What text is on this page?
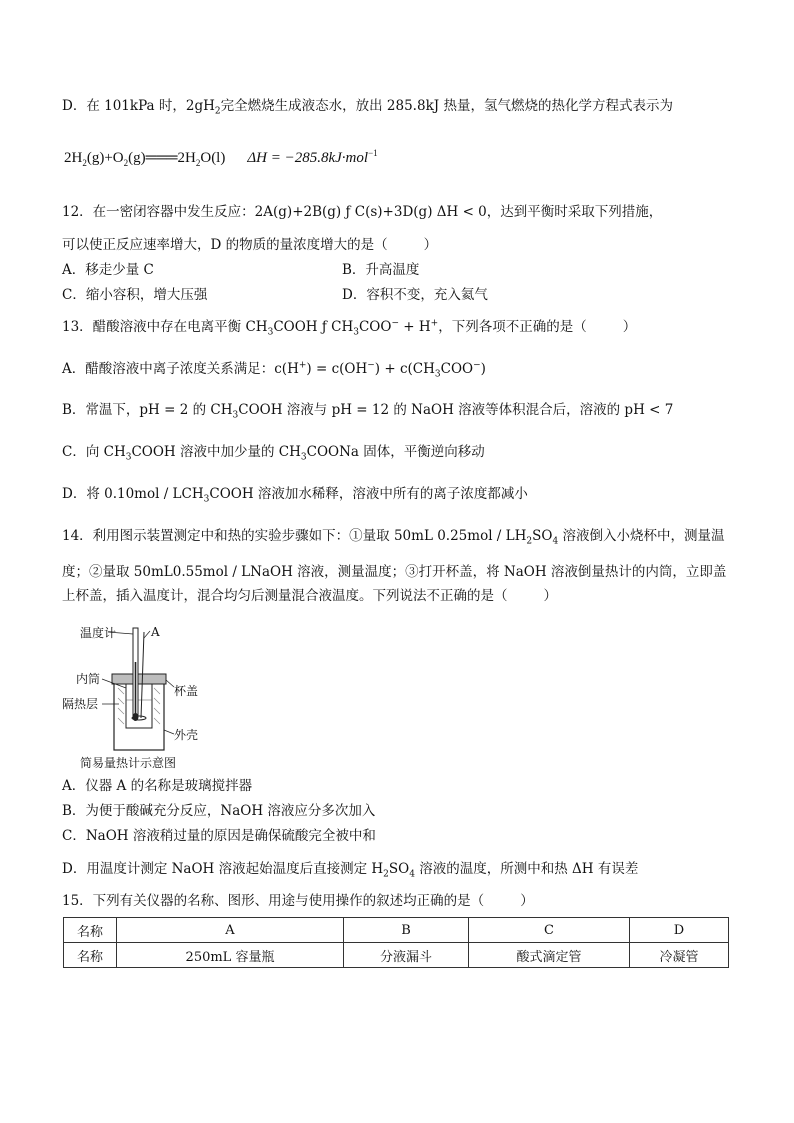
D．在 101kPa 时，$2gH_2$完全燃烧生成液态水，放出 285.8kJ 热量，氢气燃烧的热化学方程式表示为
$2H_2(g)+O_2(g)═══2H_2O(l) \Delta H = -285.8kJ\cdot mol^{-1}$
12．在一密闭容器中发生反应：2A(g)+2B(g) ƒ C(s)+3D(g) ΔH < 0，达到平衡时采取下列措施，
可以使正反应速率增大，D 的物质的量浓度增大的是（	）
A．移走少量 C	B．升高温度
C．缩小容积，增大压强	D．容积不变，充入氦气
13．醋酸溶液中存在电离平衡 $CH_3COOH$ ƒ $CH_3COO^- + H^+$，下列各项不正确的是（	）
A．醋酸溶液中离子浓度关系满足：$c(H^+) = c(OH^-) + c(CH_3COO^-)$
B．常温下，pH = 2 的 $CH_3COOH$ 溶液与 pH = 12 的 NaOH 溶液等体积混合后，溶液的 pH < 7
C．向 $CH_3COOH$ 溶液中加少量的 $CH_3COONa$ 固体，平衡逆向移动
D．将 $0.10mol / LCH_3COOH$ 溶液加水稀释，溶液中所有的离子浓度都减小
14．利用图示装置测定中和热的实验步骤如下：①量取 50mL $0.25mol / LH_2SO_4$ 溶液倒入小烧杯中，测量温
度；②量取 50mL0.55mol / LNaOH 溶液，测量温度；③打开杯盖，将 NaOH 溶液倒量热计的内筒，立即盖
上杯盖，插入温度计，混合均匀后测量混合液温度。下列说法不正确的是（	）
温度计	A
内筒
杯盖
隔热层
外壳
简易量热计示意图
A．仪器 A 的名称是玻璃搅拌器
B．为便于酸碱充分反应，NaOH 溶液应分多次加入
C．NaOH 溶液稍过量的原因是确保硫酸完全被中和
D．用温度计测定 NaOH 溶液起始温度后直接测定 $H_2SO_4$ 溶液的温度，所测中和热 ΔH 有误差
15．下列有关仪器的名称、图形、用途与使用操作的叙述均正确的是（	）
名称	A	B	C	D
名称	250mL 容量瓶	分液漏斗	酸式滴定管	冷凝管
